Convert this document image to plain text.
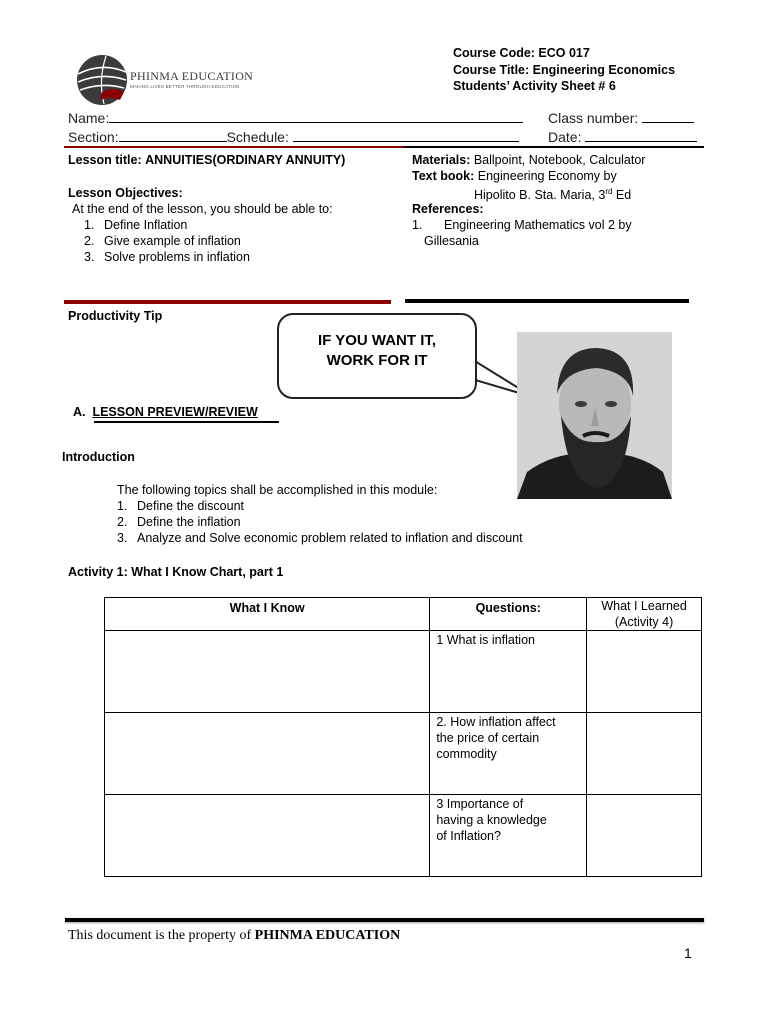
PHINMA EDUCATION
MAKING LIVES BETTER THROUGH EDUCATION
Course Code: ECO 017
Course Title: Engineering Economics
Students’ Activity Sheet # 6
Name:	Class number:
Section:	Schedule:	Date:
Lesson title: ANNUITIES(ORDINARY ANNUITY)
Lesson Objectives:
At the end of the lesson, you should be able to:
1. Define Inflation
2. Give example of inflation
3. Solve problems in inflation
Materials: Ballpoint, Notebook, Calculator
Text book: Engineering Economy by
Hipolito B. Sta. Maria, 3rd Ed
References:
1. Engineering Mathematics vol 2 by
Gillesania
Productivity Tip
IF YOU WANT IT,
WORK FOR IT
A. LESSON PREVIEW/REVIEW
Introduction
The following topics shall be accomplished in this module:
1. Define the discount
2. Define the inflation
3. Analyze and Solve economic problem related to inflation and discount
Activity 1: What I Know Chart, part 1
What I Know	Questions:	What I Learned
(Activity 4)

	1 What is inflation	

	2. How inflation affect
the price of certain
commodity	

	3 Importance of
having a knowledge
of Inflation?	

This document is the property of PHINMA EDUCATION
1
